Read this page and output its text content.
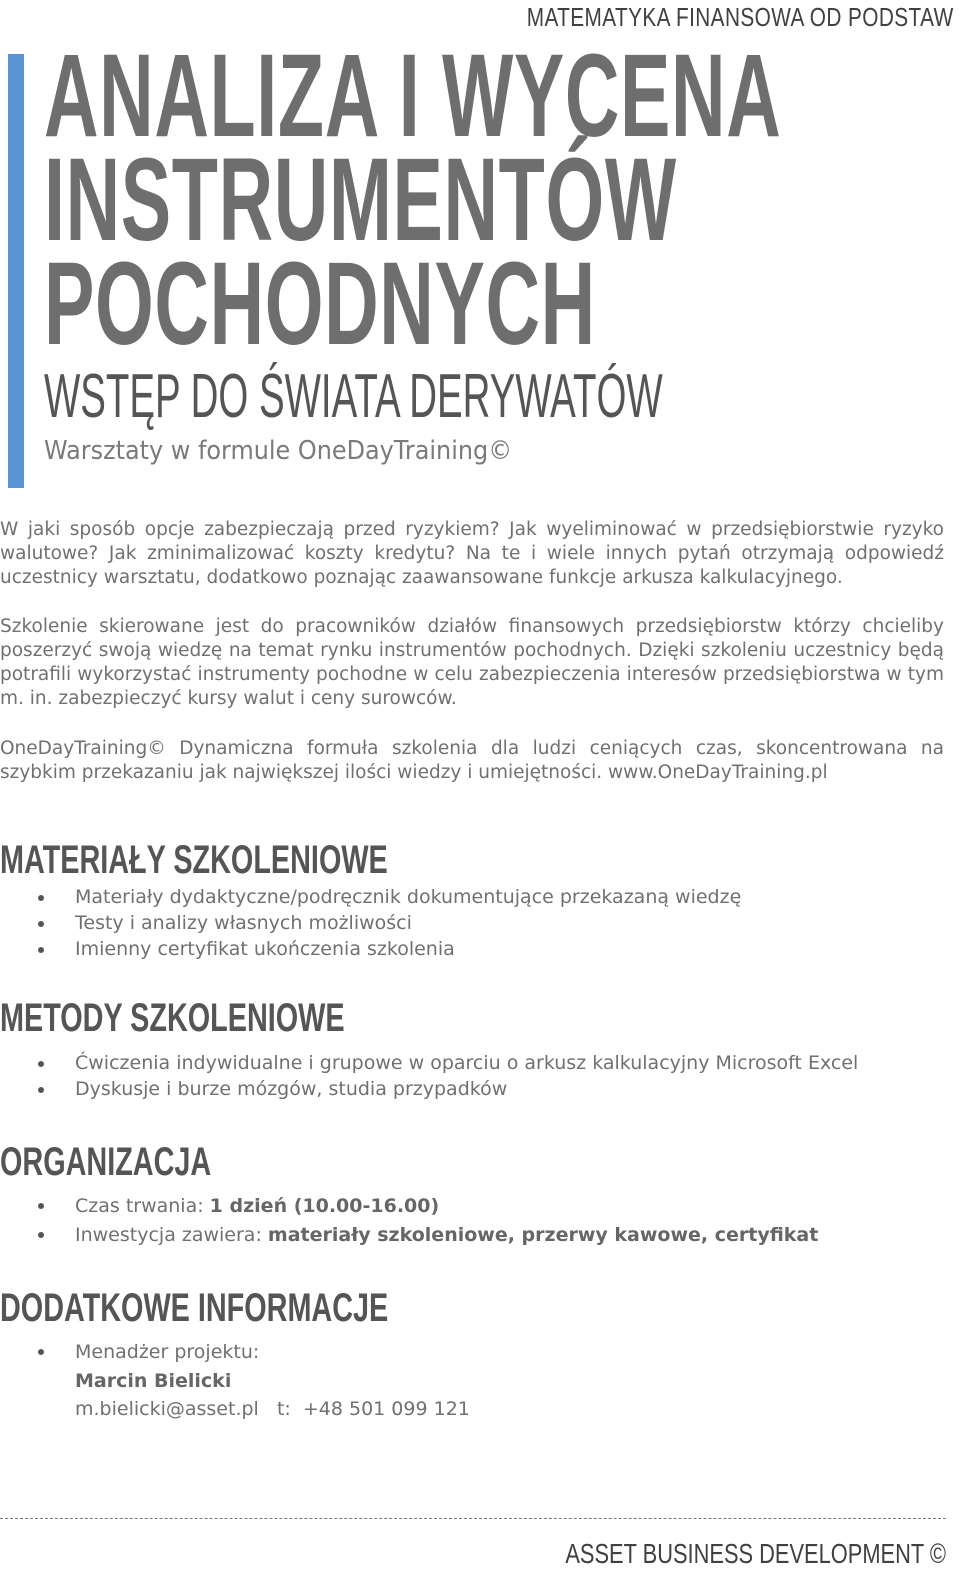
MATEMATYKA FINANSOWA OD PODSTAW
ANALIZA I WYCENA
INSTRUMENTÓW
POCHODNYCH
WSTĘP DO ŚWIATA DERYWATÓW
Warsztaty w formule OneDayTraining©

W jaki sposób opcje zabezpieczają przed ryzykiem? Jak wyeliminować w przedsiębiorstwie ryzyko walutowe? Jak zminimalizować koszty kredytu? Na te i wiele innych pytań otrzymają odpowiedź uczestnicy warsztatu, dodatkowo poznając zaawansowane funkcje arkusza kalkulacyjnego.

Szkolenie skierowane jest do pracowników działów finansowych przedsiębiorstw którzy chcieliby poszerzyć swoją wiedzę na temat rynku instrumentów pochodnych. Dzięki szkoleniu uczestnicy będą potrafili wykorzystać instrumenty pochodne w celu zabezpieczenia interesów przedsiębiorstwa w tym m. in. zabezpieczyć kursy walut i ceny surowców.

OneDayTraining© Dynamiczna formuła szkolenia dla ludzi ceniących czas, skoncentrowana na szybkim przekazaniu jak największej ilości wiedzy i umiejętności. www.OneDayTraining.pl

MATERIAŁY SZKOLENIOWE
Materiały dydaktyczne/podręcznik dokumentujące przekazaną wiedzę
Testy i analizy własnych możliwości
Imienny certyfikat ukończenia szkolenia
METODY SZKOLENIOWE
Ćwiczenia indywidualne i grupowe w oparciu o arkusz kalkulacyjny Microsoft Excel
Dyskusje i burze mózgów, studia przypadków
ORGANIZACJA
Czas trwania: 1 dzień (10.00-16.00)
Inwestycja zawiera: materiały szkoleniowe, przerwy kawowe, certyfikat
DODATKOWE INFORMACJE
Menadżer projektu:
Marcin Bielicki
m.bielicki@asset.pl   t:  +48 501 099 121
ASSET BUSINESS DEVELOPMENT ©
